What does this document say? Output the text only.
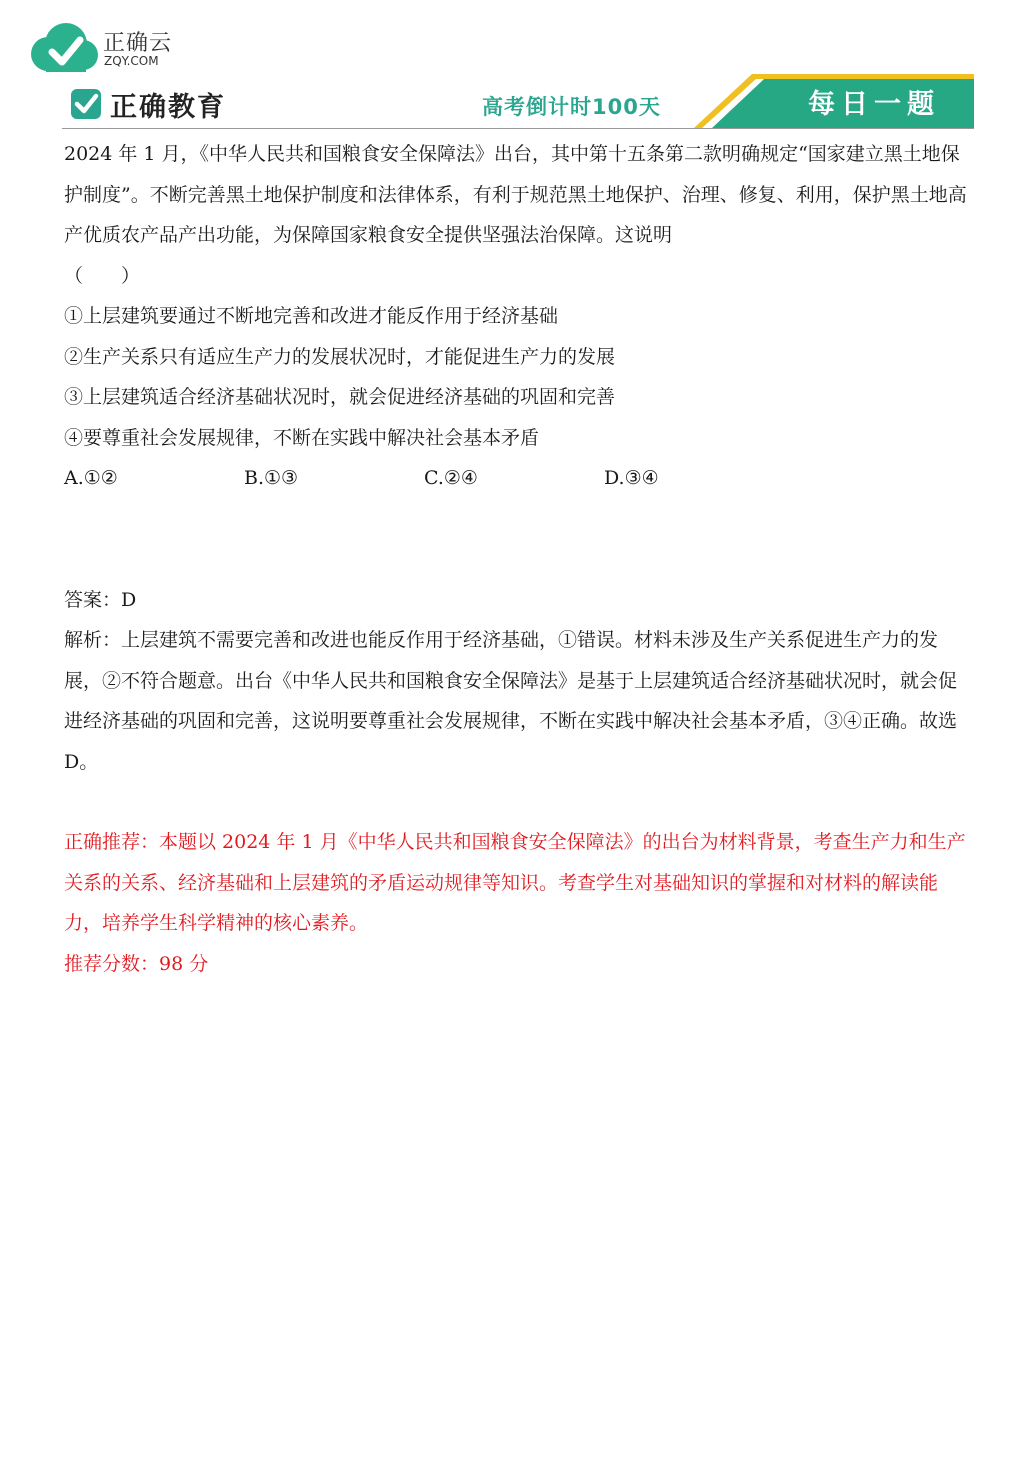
正确云
ZQY.COM
正确教育	高考倒计时100天	每日一题

2024 年 1 月，《中华人民共和国粮食安全保障法》出台，其中第十五条第二款明确规定“国家建立黑土地保护制度”。不断完善黑土地保护制度和法律体系，有利于规范黑土地保护、治理、修复、利用，保护黑土地高产优质农产品产出功能，为保障国家粮食安全提供坚强法治保障。这说明

（　　）

①上层建筑要通过不断地完善和改进才能反作用于经济基础

②生产关系只有适应生产力的发展状况时，才能促进生产力的发展

③上层建筑适合经济基础状况时，就会促进经济基础的巩固和完善

④要尊重社会发展规律，不断在实践中解决社会基本矛盾

A.①②	B.①③	C.②④	D.③④

答案：D

解析：上层建筑不需要完善和改进也能反作用于经济基础，①错误。材料未涉及生产关系促进生产力的发展，②不符合题意。出台《中华人民共和国粮食安全保障法》是基于上层建筑适合经济基础状况时，就会促进经济基础的巩固和完善，这说明要尊重社会发展规律，不断在实践中解决社会基本矛盾，③④正确。故选 D。

正确推荐：本题以 2024 年 1 月《中华人民共和国粮食安全保障法》的出台为材料背景，考查生产力和生产关系的关系、经济基础和上层建筑的矛盾运动规律等知识。考查学生对基础知识的掌握和对材料的解读能力，培养学生科学精神的核心素养。

推荐分数：98 分
